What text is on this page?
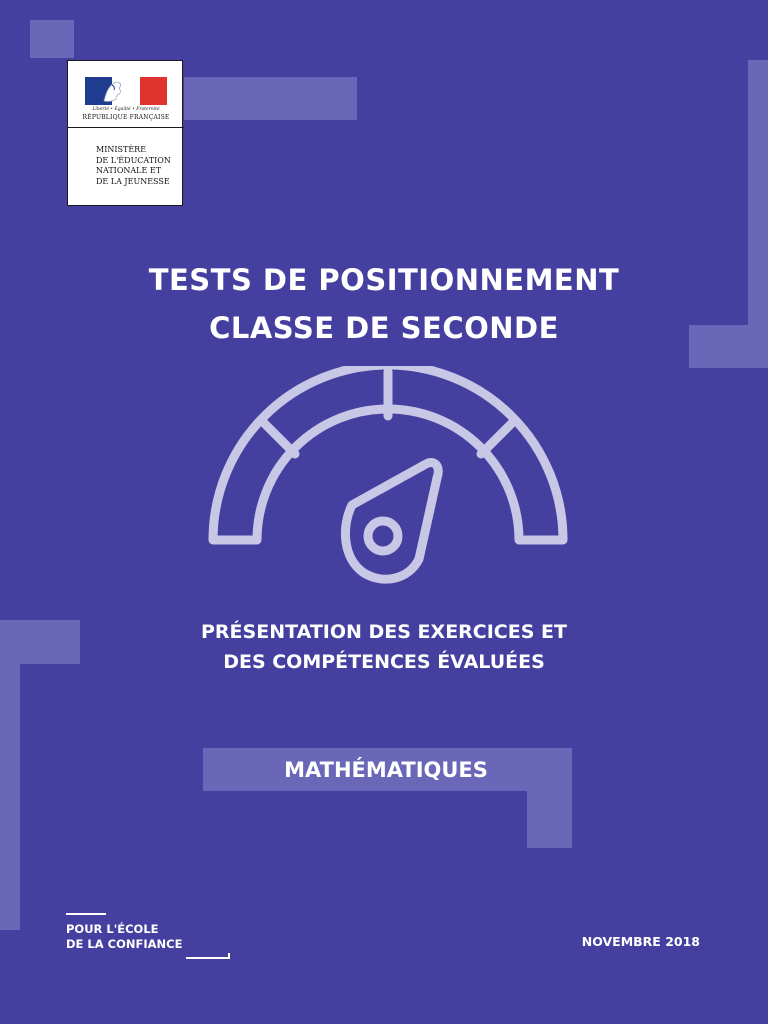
Liberté • Égalité • Fraternité
RÉPUBLIQUE FRANÇAISE
MINISTÈRE
DE L'ÉDUCATION
NATIONALE ET
DE LA JEUNESSE
TESTS DE POSITIONNEMENT
CLASSE DE SECONDE
PRÉSENTATION DES EXERCICES ET
DES COMPÉTENCES ÉVALUÉES
MATHÉMATIQUES
POUR L'ÉCOLE
DE LA CONFIANCE	NOVEMBRE 2018
